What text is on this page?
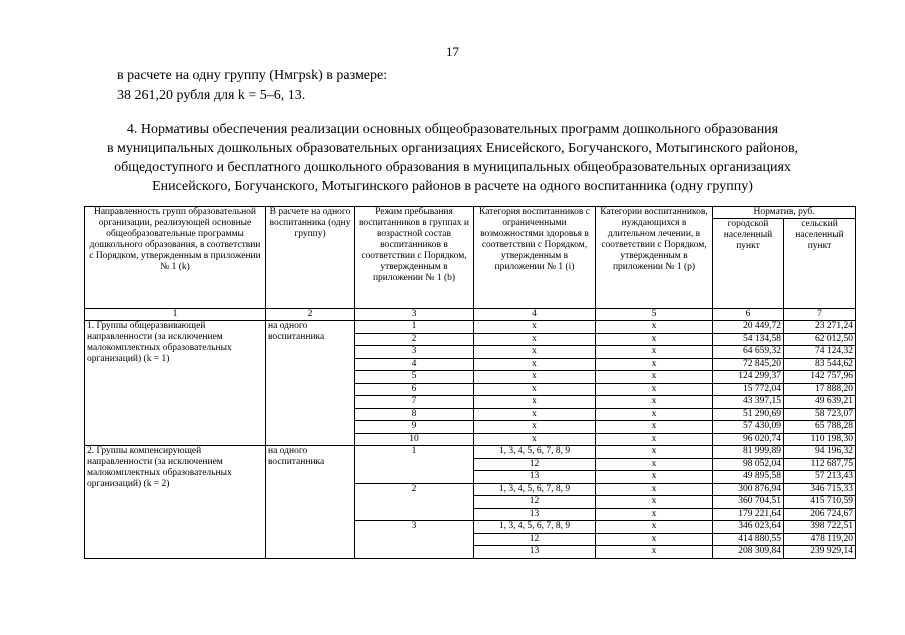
17
в расчете на одну группу (Нмгрsk) в размере:
38 261,20 рубля для k = 5–6, 13.
4. Нормативы обеспечения реализации основных общеобразовательных программ дошкольного образования
в муниципальных дошкольных образовательных организациях Енисейского, Богучанского, Мотыгинского районов,
общедоступного и бесплатного дошкольного образования в муниципальных общеобразовательных организациях
Енисейского, Богучанского, Мотыгинского районов в расчете на одного воспитанника (одну группу)
Направленность групп образовательной организации, реализующей основные общеобразовательные программы дошкольного образования, в соответствии с Порядком, утвержденным в приложении № 1 (k)	В расчете на одного воспитанника (одну группу)	Режим пребывания воспитанников в группах и возрастной состав воспитанников в соответствии с Порядком, утвержденным в приложении № 1 (b)	Категория воспитанников с ограниченными возможностями здоровья в соответствии с Порядком, утвержденным в приложении № 1 (i)	Категории воспитанников, нуждающихся в длительном лечении, в соответствии с Порядком, утвержденным в приложении № 1 (p)	Норматив, руб.	
					городской населенный пункт	сельский населенный пункт
1	2	3	4	5	6	7
1. Группы общеразвивающей направленности (за исключением малокомплектных образовательных организаций) (k = 1)	на одного воспитанника	1	x	x	20 449,72	23 271,24
		2	x	x	54 134,58	62 012,50
		3	x	x	64 659,32	74 124,32
		4	x	x	72 845,20	83 544,62
		5	x	x	124 299,37	142 757,96
		6	x	x	15 772,04	17 888,20
		7	x	x	43 397,15	49 639,21
		8	x	x	51 290,69	58 723,07
		9	x	x	57 430,09	65 788,28
		10	x	x	96 020,74	110 198,30
2. Группы компенсирующей направленности (за исключением малокомплектных образовательных организаций) (k = 2)	на одного воспитанника	1	1, 3, 4, 5, 6, 7, 8, 9	x	81 999,89	94 196,32
			12	x	98 052,04	112 687,75
			13	x	49 895,58	57 213,43
		2	1, 3, 4, 5, 6, 7, 8, 9	x	300 876,94	346 715,33
			12	x	360 704,51	415 710,59
			13	x	179 221,64	206 724,67
		3	1, 3, 4, 5, 6, 7, 8, 9	x	346 023,64	398 722,51
			12	x	414 880,55	478 119,20
			13	x	208 309,84	239 929,14
